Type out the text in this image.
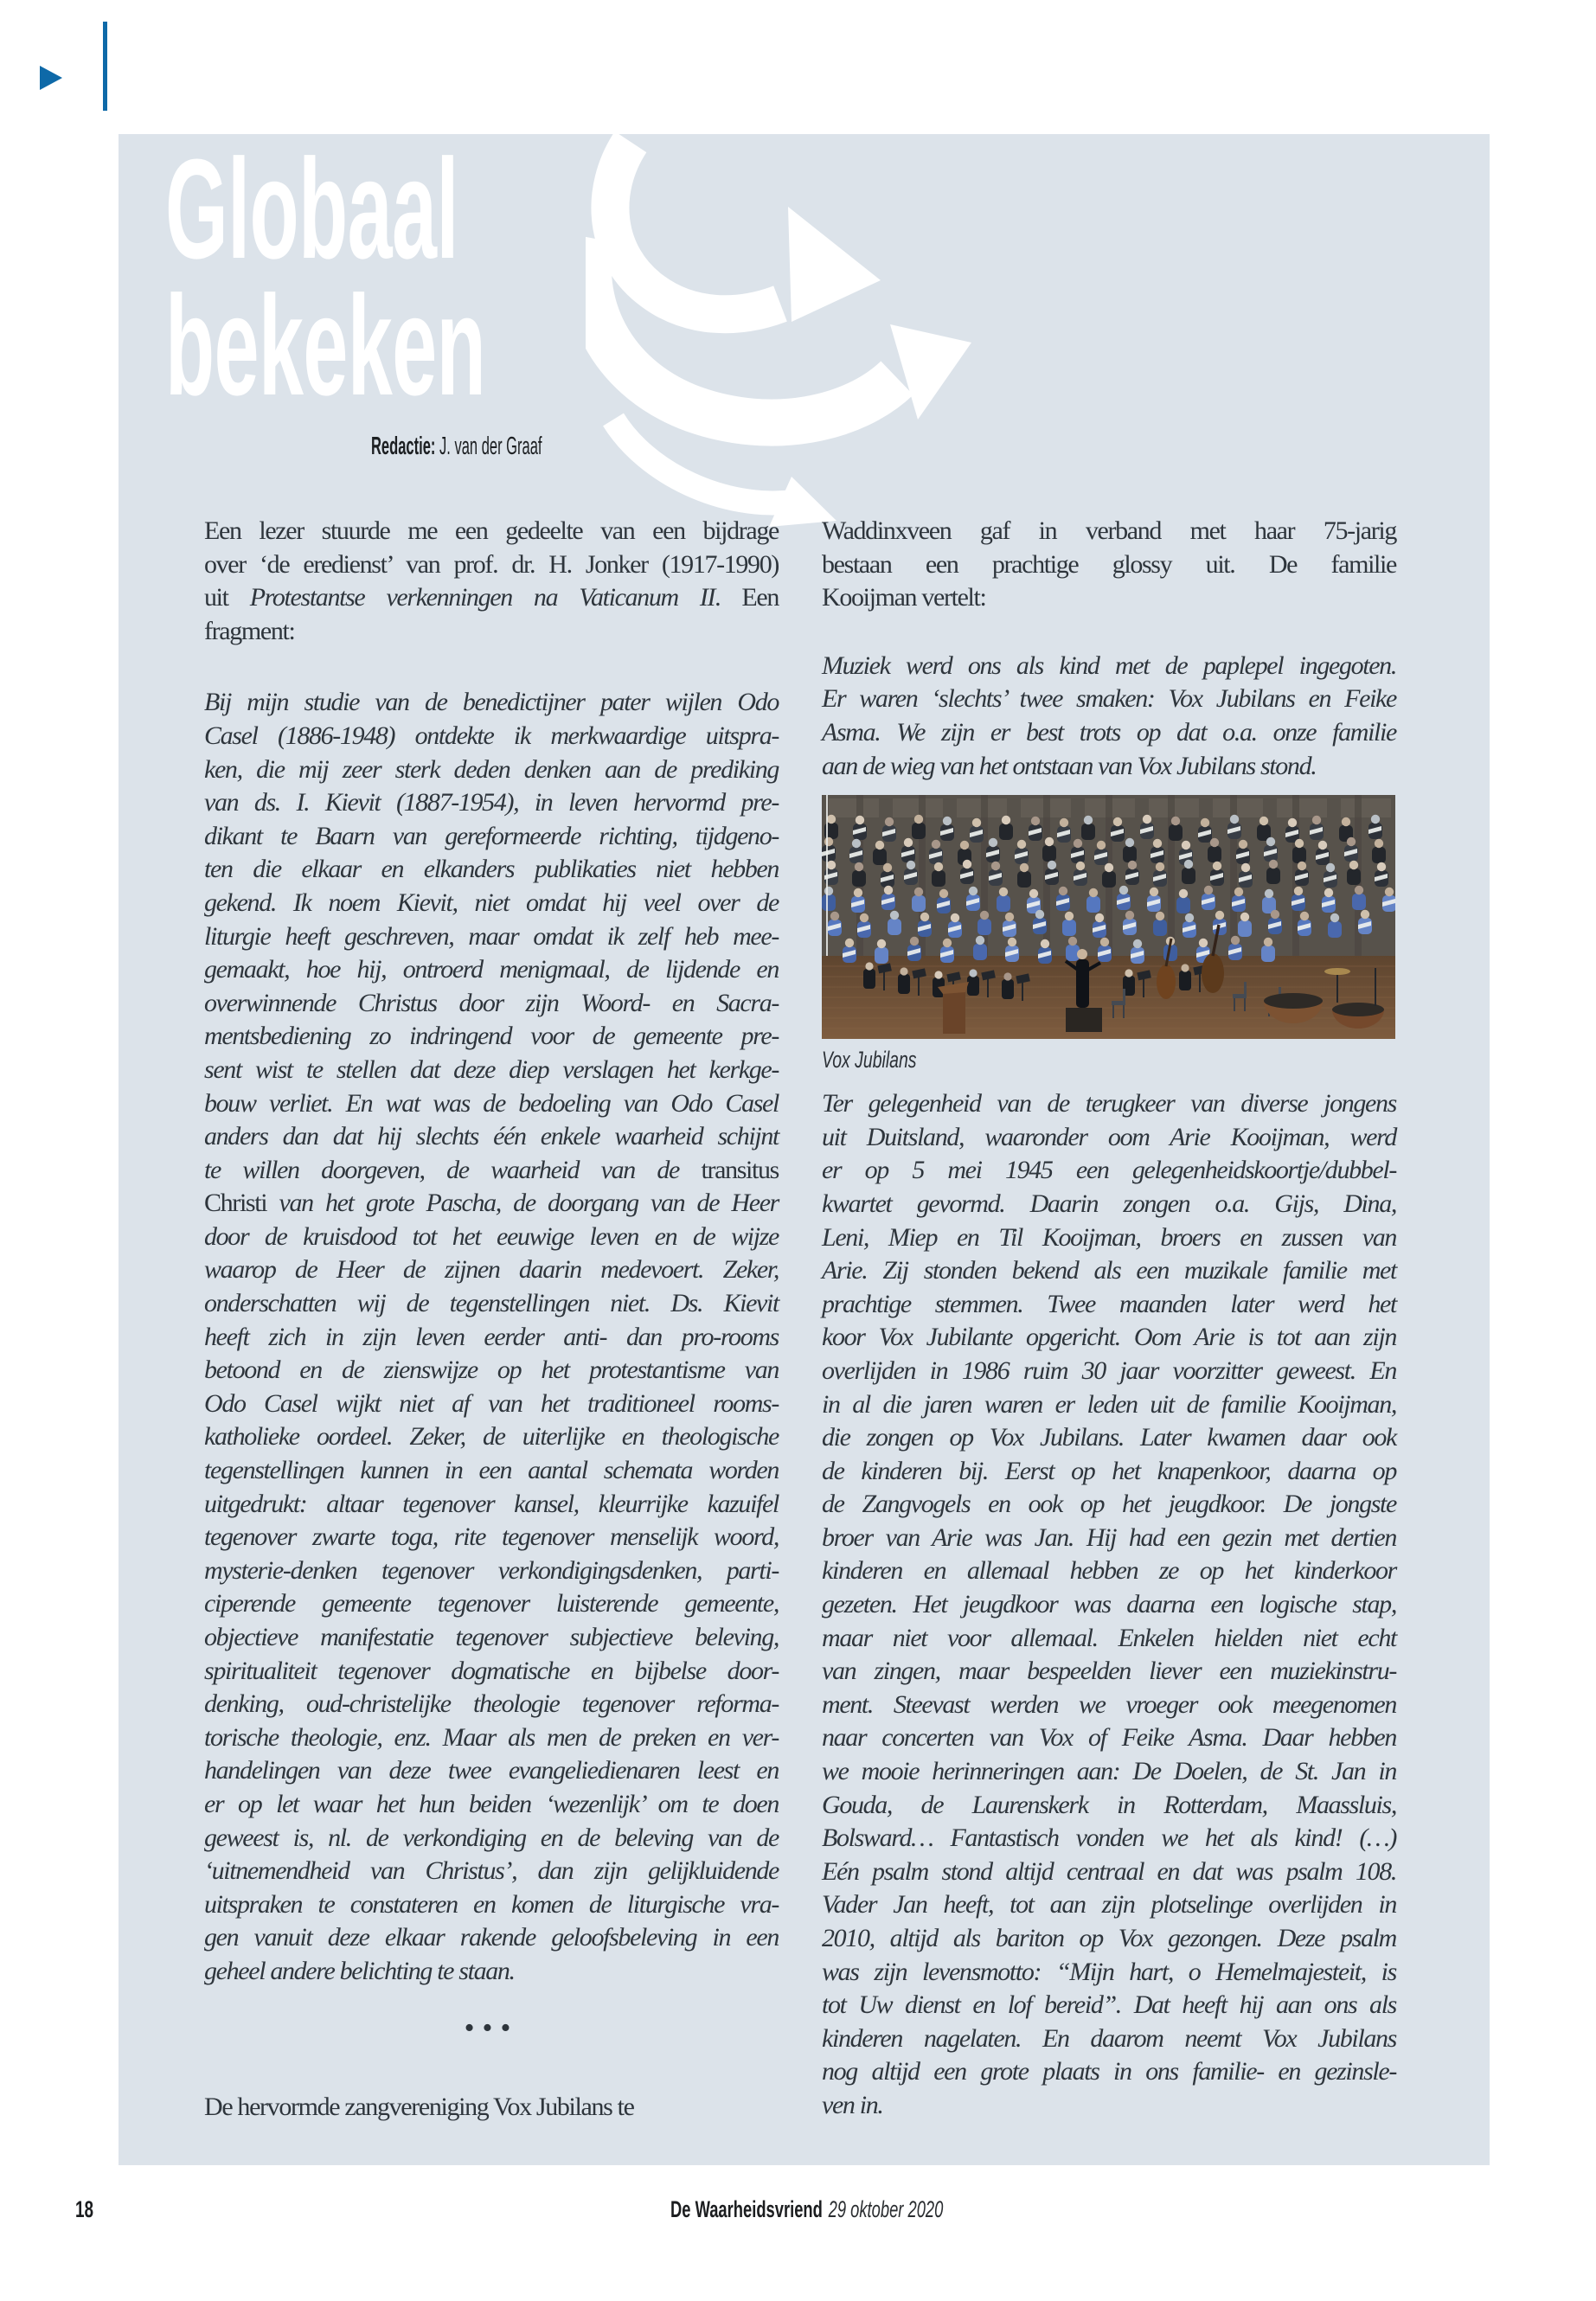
Globaal
bekeken
Redactie: J. van der Graaf
Een lezer stuurde me een gedeelte van een bijdrage
over ‘de eredienst’ van prof. dr. H. Jonker (1917-1990)
uit Protestantse verkenningen na Vaticanum II. Een
fragment:
Bij mijn studie van de benedictijner pater wijlen Odo
Casel (1886-1948) ontdekte ik merkwaardige uitspra-
ken, die mij zeer sterk deden denken aan de prediking
van ds. I. Kievit (1887-1954), in leven hervormd pre-
dikant te Baarn van gereformeerde richting, tijdgeno-
ten die elkaar en elkanders publikaties niet hebben
gekend. Ik noem Kievit, niet omdat hij veel over de
liturgie heeft geschreven, maar omdat ik zelf heb mee-
gemaakt, hoe hij, ontroerd menigmaal, de lijdende en
overwinnende Christus door zijn Woord- en Sacra-
mentsbediening zo indringend voor de gemeente pre-
sent wist te stellen dat deze diep verslagen het kerkge-
bouw verliet. En wat was de bedoeling van Odo Casel
anders dan dat hij slechts één enkele waarheid schijnt
te willen doorgeven, de waarheid van de transitus
Christi van het grote Pascha, de doorgang van de Heer
door de kruisdood tot het eeuwige leven en de wijze
waarop de Heer de zijnen daarin medevoert. Zeker,
onderschatten wij de tegenstellingen niet. Ds. Kievit
heeft zich in zijn leven eerder anti- dan pro-rooms
betoond en de zienswijze op het protestantisme van
Odo Casel wijkt niet af van het traditioneel rooms-
katholieke oordeel. Zeker, de uiterlijke en theologische
tegenstellingen kunnen in een aantal schemata worden
uitgedrukt: altaar tegenover kansel, kleurrijke kazuifel
tegenover zwarte toga, rite tegenover menselijk woord,
mysterie-denken tegenover verkondigingsdenken, parti-
ciperende gemeente tegenover luisterende gemeente,
objectieve manifestatie tegenover subjectieve beleving,
spiritualiteit tegenover dogmatische en bijbelse door-
denking, oud-christelijke theologie tegenover reforma-
torische theologie, enz. Maar als men de preken en ver-
handelingen van deze twee evangeliedienaren leest en
er op let waar het hun beiden ‘wezenlijk’ om te doen
geweest is, nl. de verkondiging en de beleving van de
‘uitnemendheid van Christus’, dan zijn gelijkluidende
uitspraken te constateren en komen de liturgische vra-
gen vanuit deze elkaar rakende geloofsbeleving in een
geheel andere belichting te staan.
•••
De hervormde zangvereniging Vox Jubilans te
Waddinxveen gaf in verband met haar 75-jarig
bestaan een prachtige glossy uit. De familie
Kooijman vertelt:
Muziek werd ons als kind met de paplepel ingegoten.
Er waren ‘slechts’ twee smaken: Vox Jubilans en Feike
Asma. We zijn er best trots op dat o.a. onze familie
aan de wieg van het ontstaan van Vox Jubilans stond.
Vox Jubilans
Ter gelegenheid van de terugkeer van diverse jongens
uit Duitsland, waaronder oom Arie Kooijman, werd
er op 5 mei 1945 een gelegenheidskoortje/dubbel-
kwartet gevormd. Daarin zongen o.a. Gijs, Dina,
Leni, Miep en Til Kooijman, broers en zussen van
Arie. Zij stonden bekend als een muzikale familie met
prachtige stemmen. Twee maanden later werd het
koor Vox Jubilante opgericht. Oom Arie is tot aan zijn
overlijden in 1986 ruim 30 jaar voorzitter geweest. En
in al die jaren waren er leden uit de familie Kooijman,
die zongen op Vox Jubilans. Later kwamen daar ook
de kinderen bij. Eerst op het knapenkoor, daarna op
de Zangvogels en ook op het jeugdkoor. De jongste
broer van Arie was Jan. Hij had een gezin met dertien
kinderen en allemaal hebben ze op het kinderkoor
gezeten. Het jeugdkoor was daarna een logische stap,
maar niet voor allemaal. Enkelen hielden niet echt
van zingen, maar bespeelden liever een muziekinstru-
ment. Steevast werden we vroeger ook meegenomen
naar concerten van Vox of Feike Asma. Daar hebben
we mooie herinneringen aan: De Doelen, de St. Jan in
Gouda, de Laurenskerk in Rotterdam, Maassluis,
Bolsward… Fantastisch vonden we het als kind! (…)
Eén psalm stond altijd centraal en dat was psalm 108.
Vader Jan heeft, tot aan zijn plotselinge overlijden in
2010, altijd als bariton op Vox gezongen. Deze psalm
was zijn levensmotto: “Mijn hart, o Hemelmajesteit, is
tot Uw dienst en lof bereid”. Dat heeft hij aan ons als
kinderen nagelaten. En daarom neemt Vox Jubilans
nog altijd een grote plaats in ons familie- en gezinsle-
ven in.
18	De Waarheidsvriend 29 oktober 2020
